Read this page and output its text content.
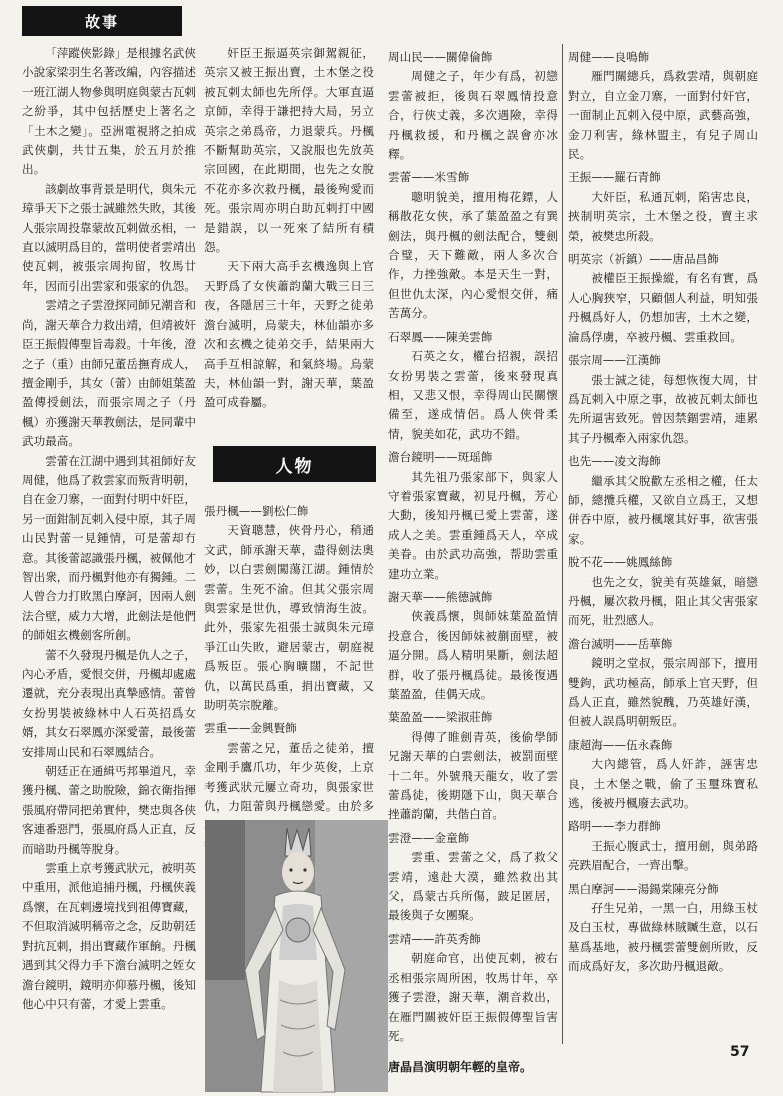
故事

「萍蹤俠影錄」是根據名武俠小說家梁羽生名著改編，內容描述一班江湖人物參與明庭與蒙古瓦剌之紛爭，其中包括歷史上著名之「土木之變」。亞洲電視將之拍成武俠劇，共廿五集，於五月於推出。

該劇故事背景是明代，與朱元璋爭天下之張士誠雖然失敗，其後人張宗周投靠蒙故瓦剌做丞相，一直以滅明爲目的，當明使者雲靖出使瓦剌，被張宗周拘留，牧馬廿年，因而引出雲家和張家的仇怨。

雲靖之子雲澄探同師兄潮音和尚，謝天華合力救出靖，但靖被奸臣王振假傳聖旨毒殺。十年後，澄之子（重）由師兄董岳撫育成人，擅金剛手，其女（蕾）由師姐葉盈盈傳授劍法，而張宗周之子（丹楓）亦獲謝天華教劍法，是同輩中武功最高。

雲蕾在江湖中遇到其祖師好友周健，他爲了救雲家而叛背明朝，自在金刀寨，一面對付明中奸臣，另一面鉗制瓦剌入侵中原，其子周山民對蕾一見鍾情，可是蕾却冇意。其後蕾認識張丹楓，被佩他才智出衆，而丹楓對他亦有獨鍾。二人曾合力打敗黑白摩訶，因兩人劍法合壁，威力大增，此劍法是他們的師姐玄機劍客所創。

蕾不久發現丹楓是仇人之子，內心矛盾，愛恨交併，丹楓却處處遷就，充分表現出真摯感情。蕾曾女扮男裝被綠林中人石英招爲女婿，其女石翠鳳亦深愛蕾，最後蕾安排周山民和石翠鳳結合。

朝廷正在通緝丐邦畢道凡，幸獲丹楓、蕾之助脫險，錦衣衛指揮張風府帶同把弟實仲，樊忠與各侠客連番惡鬥，張風府爲人正直，反而暗助丹楓等脫身。

雲重上京考獲武狀元，被明英中重用，派他追捕丹楓，丹楓俠義爲懷，在瓦剌邊境找到祖傳寶藏，不但取消滅明稱帝之念，反助朝廷對抗瓦剌，捐出寶藏作軍餉。丹楓遇到其父得力手下澹台滅明之姪女澹台鏡明，鏡明亦仰慕丹楓，後知他心中只有蕾，才愛上雲重。

奸臣王振逼英宗御駕親征，英宗又被王振出賣，土木堡之役被瓦剌太師也先所俘。大軍直逼京師，幸得于謙把持大局，另立英宗之弟爲帝，力退蒙兵。丹楓不斷幫助英宗，又說服也先放英宗回國，在此期間，也先之女脫不花亦多次救丹楓，最後殉愛而死。張宗周亦明白助瓦剌打中國是錯誤，以一死來了結所有積怨。

天下兩大高手玄機逸與上官天野爲了女俠蕭韵蘭大戰三日三夜，各隱居三十年，天野之徒弟澹台滅明，烏蒙夫，林仙韻亦多次和玄機之徒弟交手，結果兩大高手互相諒解，和氣終場。烏蒙夫，林仙韻一對，謝天華，葉盈盈可成眷屬。

人物
張丹楓——劉松仁飾

天資聰慧，俠骨丹心，稍通文武，師承謝天華，盡得劍法奧妙，以白雲劍闖蕩江湖。鍾情於雲蕾。生死不渝。但其父張宗周與雲家是世仇，導致情海生波。此外，張家先祖張士誠與朱元璋爭江山失敗，避居蒙古，朝庭視爲叛臣。張心胸曠闊，不記世仇，以萬民爲重，捐出寶藏，又助明英宗脫離。

雲重——金興賢飾

雲蕾之兄，董岳之徒弟，擅金剛手鷹爪功，年少英俊，上京考獲武狀元屢立奇功，與張家世仇，力阻蕾與丹楓戀愛。由於多

唐晶昌演明朝年輕的皇帝。
周山民——關偉倫飾

周健之子，年少有爲，初戀雲蕾被拒，後與石翠鳳情投意合，行俠丈義，多次遇險，幸得丹楓救援，和丹楓之誤會亦冰釋。

雲蕾——米雪飾

聰明貌美，擅用梅花鏢，人稱散花女俠，承了葉盈盈之有巽劍法，與丹楓的劍法配合，雙劍合璧，天下難敵，兩人多次合作，力挫強敵。本是天生一對，但世仇太深，內心愛恨交併，痛苦萬分。

石翠鳳——陳美雲飾

石英之女，權台招親，誤招女扮男裝之雲蕾，後來發現真相，又悲又恨，幸得周山民關懷備至，遂成情侶。爲人俠骨柔情，貌美如花，武功不錯。

澹台鏡明——斑瑶飾

其先祖乃張家部下，與家人守着張家寶藏，初見丹楓，芳心大動，後知丹楓已愛上雲蕾，遂成人之美。雲重鍾爲天人，卒成美眷。由於武功高強，帮助雲重建功立業。

謝天華——熊德誠飾

俠義爲懷，與師妹葉盈盈情投意合，後因師妹被蒯面壁，被逼分開。爲人精明果斷，劍法超群，收了張丹楓爲徒。最後復遇葉盈盈，佳偶天成。

葉盈盈——梁淑莊飾

得傳了睢劍青英，後偷學師兄謝天華的白雲劍法，被罰面壁十二年。外號飛天龍女，收了雲蕾爲徒，後期隱下山，與天華合挫蕭韵蘭，共偕白首。

雲澄——金童飾

雲重、雲蕾之父，爲了救父雲靖，遠赴大漠，雖然救出其父，爲蒙古兵所傷，跛足匿居，最後與子女團聚。

雲靖——許英秀飾

朝庭命官，出使瓦剌，被右丞相張宗周所困，牧馬廿年，卒獲子雲澄，謝天華，潮音救出，在雁門關被奸臣王振假傳聖旨害死。

周健——良鳴飾

雁門關總兵，爲救雲靖，與朝庭對立，自立金刀寨，一面對付奸官，一面制止瓦剌入侵中原，武藝高強，金刀利害，綠林盟主，有兒子周山民。

王振——羅石青飾

大奸臣，私通瓦剌，陷害忠良，挾制明英宗，土木堡之役，賣主求榮，被樊忠所殺。

明英宗（祈鎮）——唐品昌飾

被權臣王振操縱，有名有實，爲人心胸狹窄，只顧個人利益，明知張丹楓爲好人，仍想加害，土木之變，淪爲俘虜，卒被丹楓、雲重救回。

張宗周——江漢飾

張士誠之徒，每想恢復大周，甘爲瓦剌入中原之事，故被瓦剌太師也先所逼害致死。曾因禁錮雲靖，連累其子丹楓牽入兩家仇怨。

也先——凌文海飾

繼承其父脫歡左丞相之權，任太師，總攬兵權，又欲自立爲王，又想併吞中原，被丹楓壞其好事，欲害張家。

脫不花——姚鳳絲飾

也先之女，貌美有英雄氣，暗戀丹楓，屢次救丹楓，阻止其父害張家而死，壯烈感人。

澹台滅明——岳華飾

鏡明之堂叔，張宗周部下，擅用雙鉤，武功極高，師承上官天野，但爲人正直，雖然貌醜，乃英雄好漢，但被人誤爲明朝叛臣。

康超海——伍永森飾

大內總管，爲人奸詐，誣害忠良，土木堡之戰，偷了玉璽珠寶私逃，後被丹楓廢去武功。

路明——李力群飾

王振心腹武士，擅用劍，與弟路亮跌眉配合，一齊出擊。

黑白摩訶——湯鍚棠陳亮分飾

孖生兄弟，一黑一白，用綠玉杖及白玉杖，專做綠林賊贓生意，以石墓爲基地，被丹楓雲蕾雙劍所敗，反而成爲好友，多次助丹楓退敵。

57
